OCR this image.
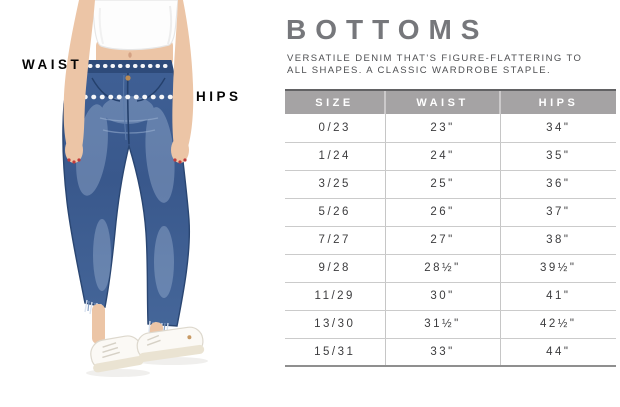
WAIST
HIPS
BOTTOMS

VERSATILE DENIM THAT'S FIGURE-FLATTERING TO

ALL SHAPES. A CLASSIC WARDROBE STAPLE.

SIZE	WAIST	HIPS
0/23	23"	34"
1/24	24"	35"
3/25	25"	36"
5/26	26"	37"
7/27	27"	38"
9/28	28½"	39½"
11/29	30"	41"
13/30	31½"	42½"
15/31	33"	44"
